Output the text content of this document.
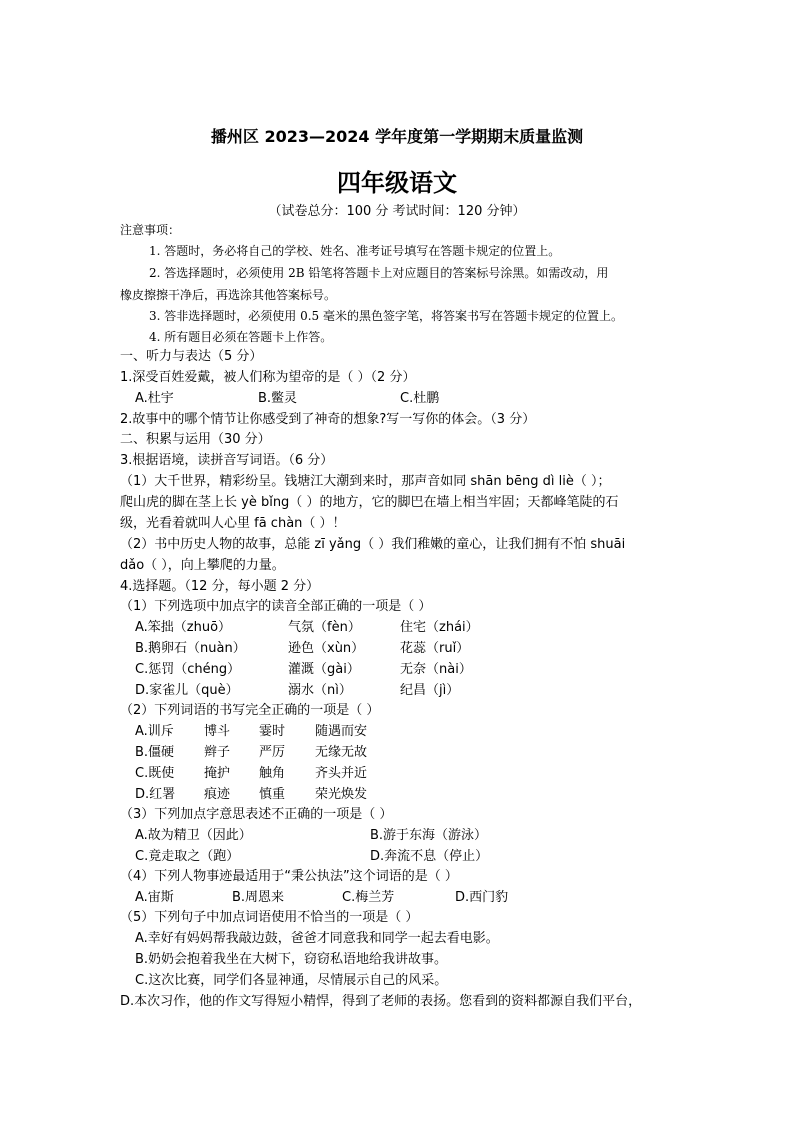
播州区 2023—2024 学年度第一学期期末质量监测
四年级语文
（试卷总分：100 分 考试时间：120 分钟）
注意事项：
1. 答题时，务必将自己的学校、姓名、准考证号填写在答题卡规定的位置上。
2. 答选择题时，必须使用 2B 铅笔将答题卡上对应题目的答案标号涂黑。如需改动，用
橡皮擦擦干净后，再选涂其他答案标号。
3. 答非选择题时，必须使用 0.5 毫米的黑色签字笔，将答案书写在答题卡规定的位置上。
4. 所有题目必须在答题卡上作答。
一、听力与表达（5 分）
1.深受百姓爱戴，被人们称为望帝的是（ ）（2 分）
A.杜宇	B.鳖灵	C.杜鹏
2.故事中的哪个情节让你感受到了神奇的想象?写一写你的体会。（3 分）
二、积累与运用（30 分）
3.根据语境，读拼音写词语。（6 分）
（1）大千世界，精彩纷呈。钱塘江大潮到来时，那声音如同 shān bēng dì liè（ ）；
爬山虎的脚在茎上长 yè bǐng（ ）的地方，它的脚巴在墙上相当牢固；天都峰笔陡的石
级，光看着就叫人心里 fā chàn（ ）！
（2）书中历史人物的故事，总能 zī yǎng（ ）我们稚嫩的童心，让我们拥有不怕 shuāi
dǎo（ ），向上攀爬的力量。
4.选择题。（12 分，每小题 2 分）
（1）下列选项中加点字的读音全部正确的一项是（ ）
A.笨拙（zhuō）	气氛（fèn）	住宅（zhái）
B.鹅卵石（nuàn）	逊色（xùn）	花蕊（ruǐ）
C.惩罚（chéng）	灌溉（gài）	无奈（nài）
D.家雀儿（què）	溺水（nì）	纪昌（jì）
（2）下列词语的书写完全正确的一项是（ ）
A.训斥 博斗 霎时 随遇而安
B.僵硬 辫子 严厉 无缘无故
C.既使 掩护 触角 齐头并近
D.红署 痕迹 慎重 荣光焕发
（3）下列加点字意思表述不正确的一项是（ ）
A.故为精卫（因此）	B.游于东海（游泳）
C.竟走取之（跑）	D.奔流不息（停止）
（4）下列人物事迹最适用于“秉公执法”这个词语的是（ ）
A.宙斯	B.周恩来	C.梅兰芳	D.西门豹
（5）下列句子中加点词语使用不恰当的一项是（ ）
A.幸好有妈妈帮我敲边鼓，爸爸才同意我和同学一起去看电影。
B.奶奶会抱着我坐在大树下，窃窃私语地给我讲故事。
C.这次比赛，同学们各显神通，尽情展示自己的风采。
D.本次习作，他的作文写得短小精悍，得到了老师的表扬。您看到的资料都源自我们平台，
